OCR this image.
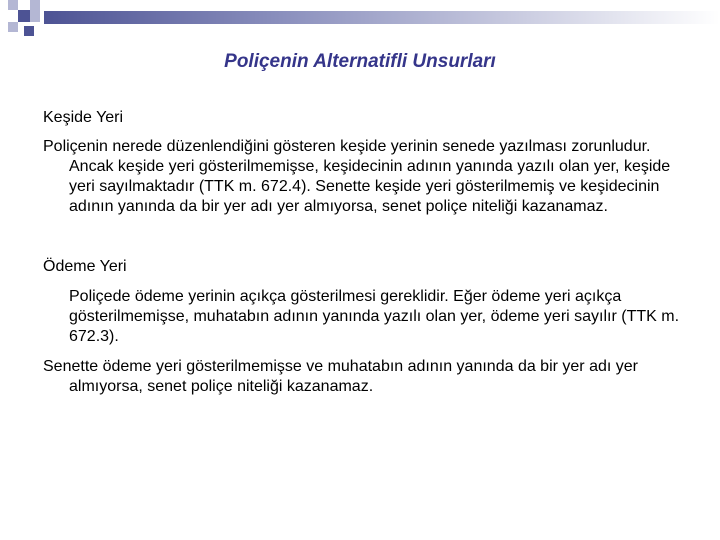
Poliçenin Alternatifli Unsurları

Keşide Yeri

Poliçenin nerede düzenlendiğini gösteren keşide yerinin senede yazılması zorunludur. Ancak keşide yeri gösterilmemişse, keşidecinin adının yanında yazılı olan yer, keşide yeri sayılmaktadır (TTK m. 672.4). Senette keşide yeri gösterilmemiş ve keşidecinin adının yanında da bir yer adı yer almıyorsa, senet poliçe niteliği kazanamaz.

Ödeme Yeri

Poliçede ödeme yerinin açıkça gösterilmesi gereklidir. Eğer ödeme yeri açıkça gösterilmemişse, muhatabın adının yanında yazılı olan yer, ödeme yeri sayılır (TTK m. 672.3).

Senette ödeme yeri gösterilmemişse ve muhatabın adının yanında da bir yer adı yer almıyorsa, senet poliçe niteliği kazanamaz.
